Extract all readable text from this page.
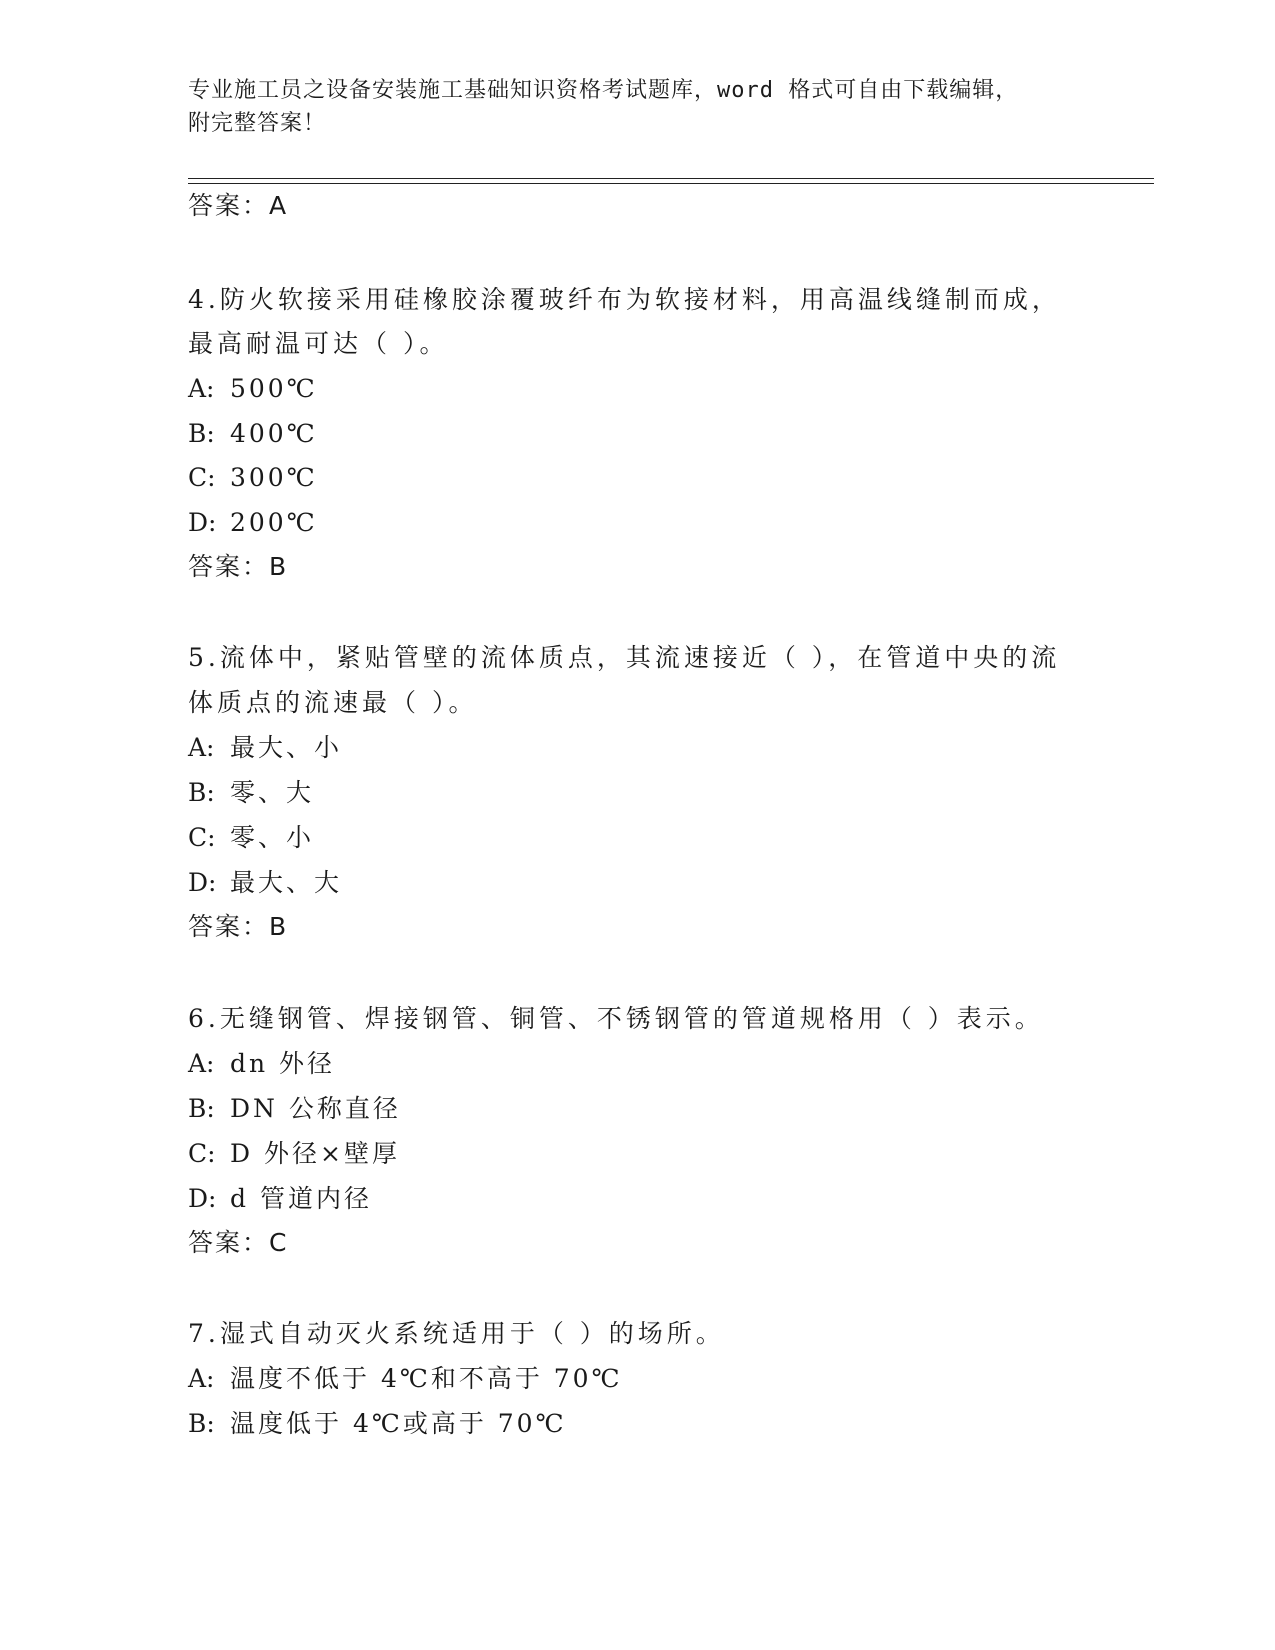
专业施工员之设备安装施工基础知识资格考试题库，word 格式可自由下载编辑，
附完整答案！
答案：A
4.防火软接采用硅橡胶涂覆玻纤布为软接材料，用高温线缝制而成，
最高耐温可达（ ）。
A: 500℃
B: 400℃
C: 300℃
D: 200℃
答案：B
5.流体中，紧贴管壁的流体质点，其流速接近（ ），在管道中央的流
体质点的流速最（ ）。
A: 最大、小
B: 零、大
C: 零、小
D: 最大、大
答案：B
6.无缝钢管、焊接钢管、铜管、不锈钢管的管道规格用（ ）表示。
A: dn 外径
B: DN 公称直径
C: D 外径×壁厚
D: d 管道内径
答案：C
7.湿式自动灭火系统适用于（ ）的场所。
A: 温度不低于 4℃和不高于 70℃
B: 温度低于 4℃或高于 70℃
